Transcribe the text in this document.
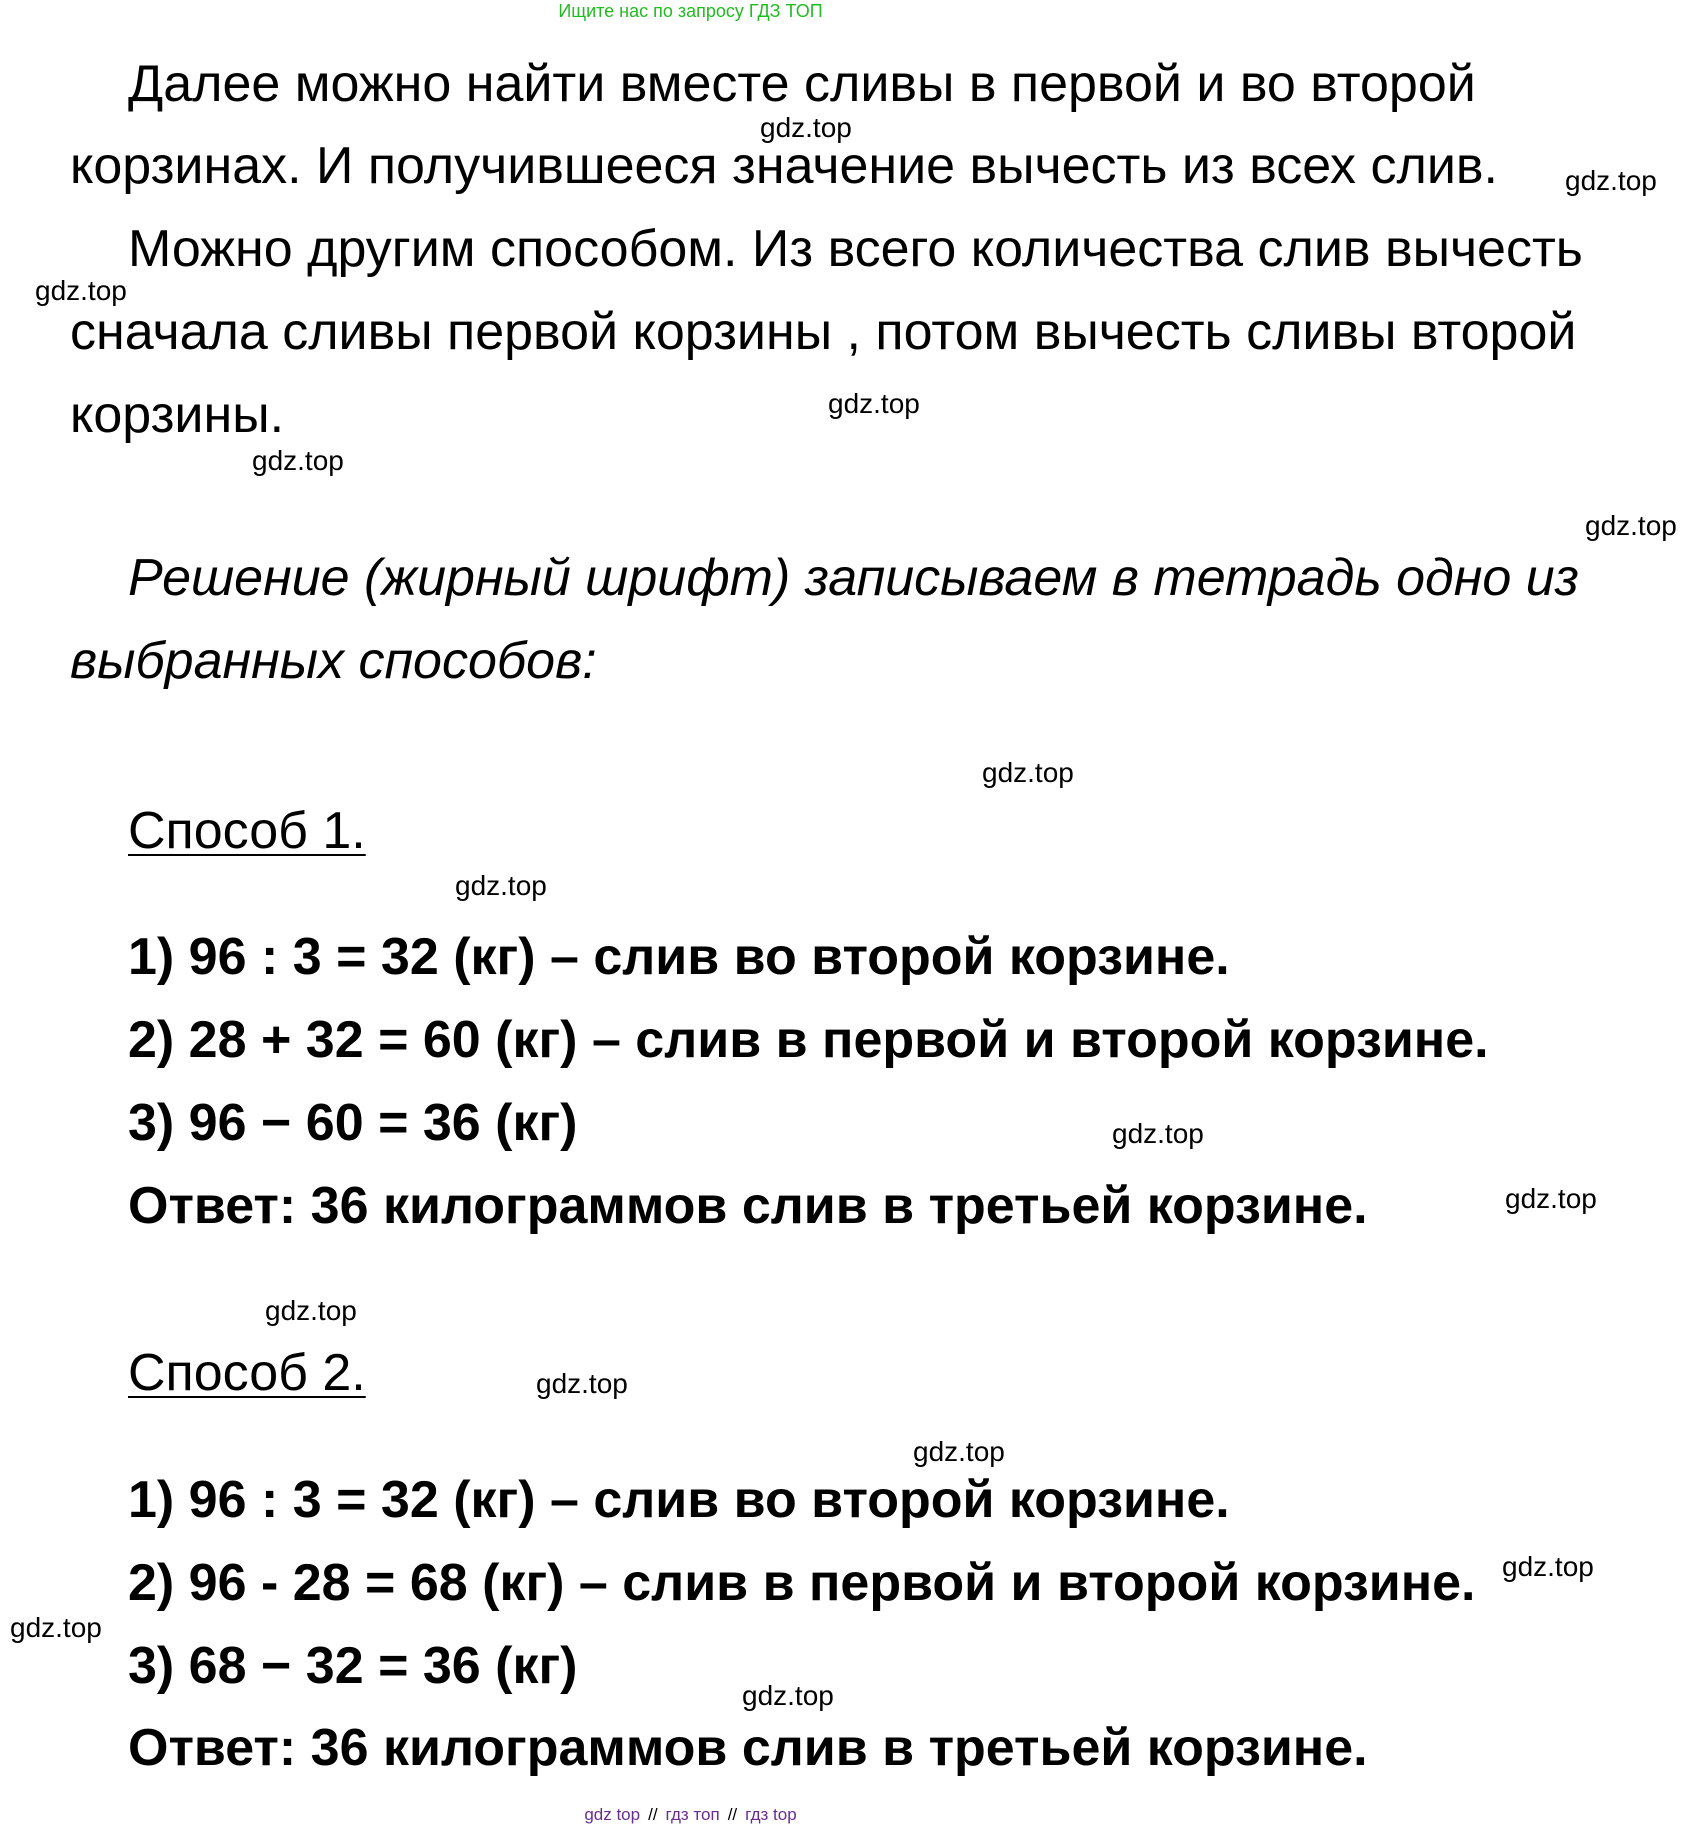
Ищите нас по запросу ГДЗ ТОП
Далее можно найти вместе сливы в первой и во второй
корзинах. И получившееся значение вычесть из всех слив.
Можно другим способом. Из всего количества слив вычесть
сначала сливы первой корзины , потом вычесть сливы второй
корзины.
Решение (жирный шрифт) записываем в тетрадь одно из
выбранных способов:
Способ 1.
1) 96 : 3 = 32 (кг) – слив во второй корзине.
2) 28 + 32 = 60 (кг) – слив в первой и второй корзине.
3) 96 − 60 = 36 (кг)
Ответ: 36 килограммов слив в третьей корзине.
Способ 2.
1) 96 : 3 = 32 (кг) – слив во второй корзине.
2) 96 - 28 = 68 (кг) – слив в первой и второй корзине.
3) 68 − 32 = 36 (кг)
Ответ: 36 килограммов слив в третьей корзине.
gdz.top
gdz.top
gdz.top
gdz.top
gdz.top
gdz.top
gdz.top
gdz.top
gdz.top
gdz.top
gdz.top
gdz.top
gdz.top
gdz.top
gdz.top
gdz.top
gdz top // гдз топ // гдз top
